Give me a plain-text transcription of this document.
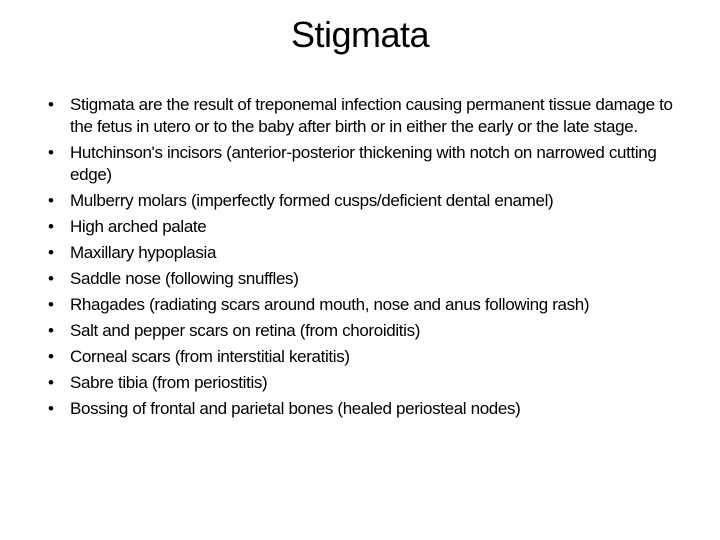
Stigmata
• Stigmata are the result of treponemal infection causing permanent tissue damage to the fetus in utero or to the baby after birth or in either the early or the late stage.
• Hutchinson's incisors (anterior-posterior thickening with notch on narrowed cutting edge)
• Mulberry molars (imperfectly formed cusps/deficient dental enamel)
• High arched palate
• Maxillary hypoplasia
• Saddle nose (following snuffles)
• Rhagades (radiating scars around mouth, nose and anus following rash)
• Salt and pepper scars on retina (from choroiditis)
• Corneal scars (from interstitial keratitis)
• Sabre tibia (from periostitis)
• Bossing of frontal and parietal bones (healed periosteal nodes)
